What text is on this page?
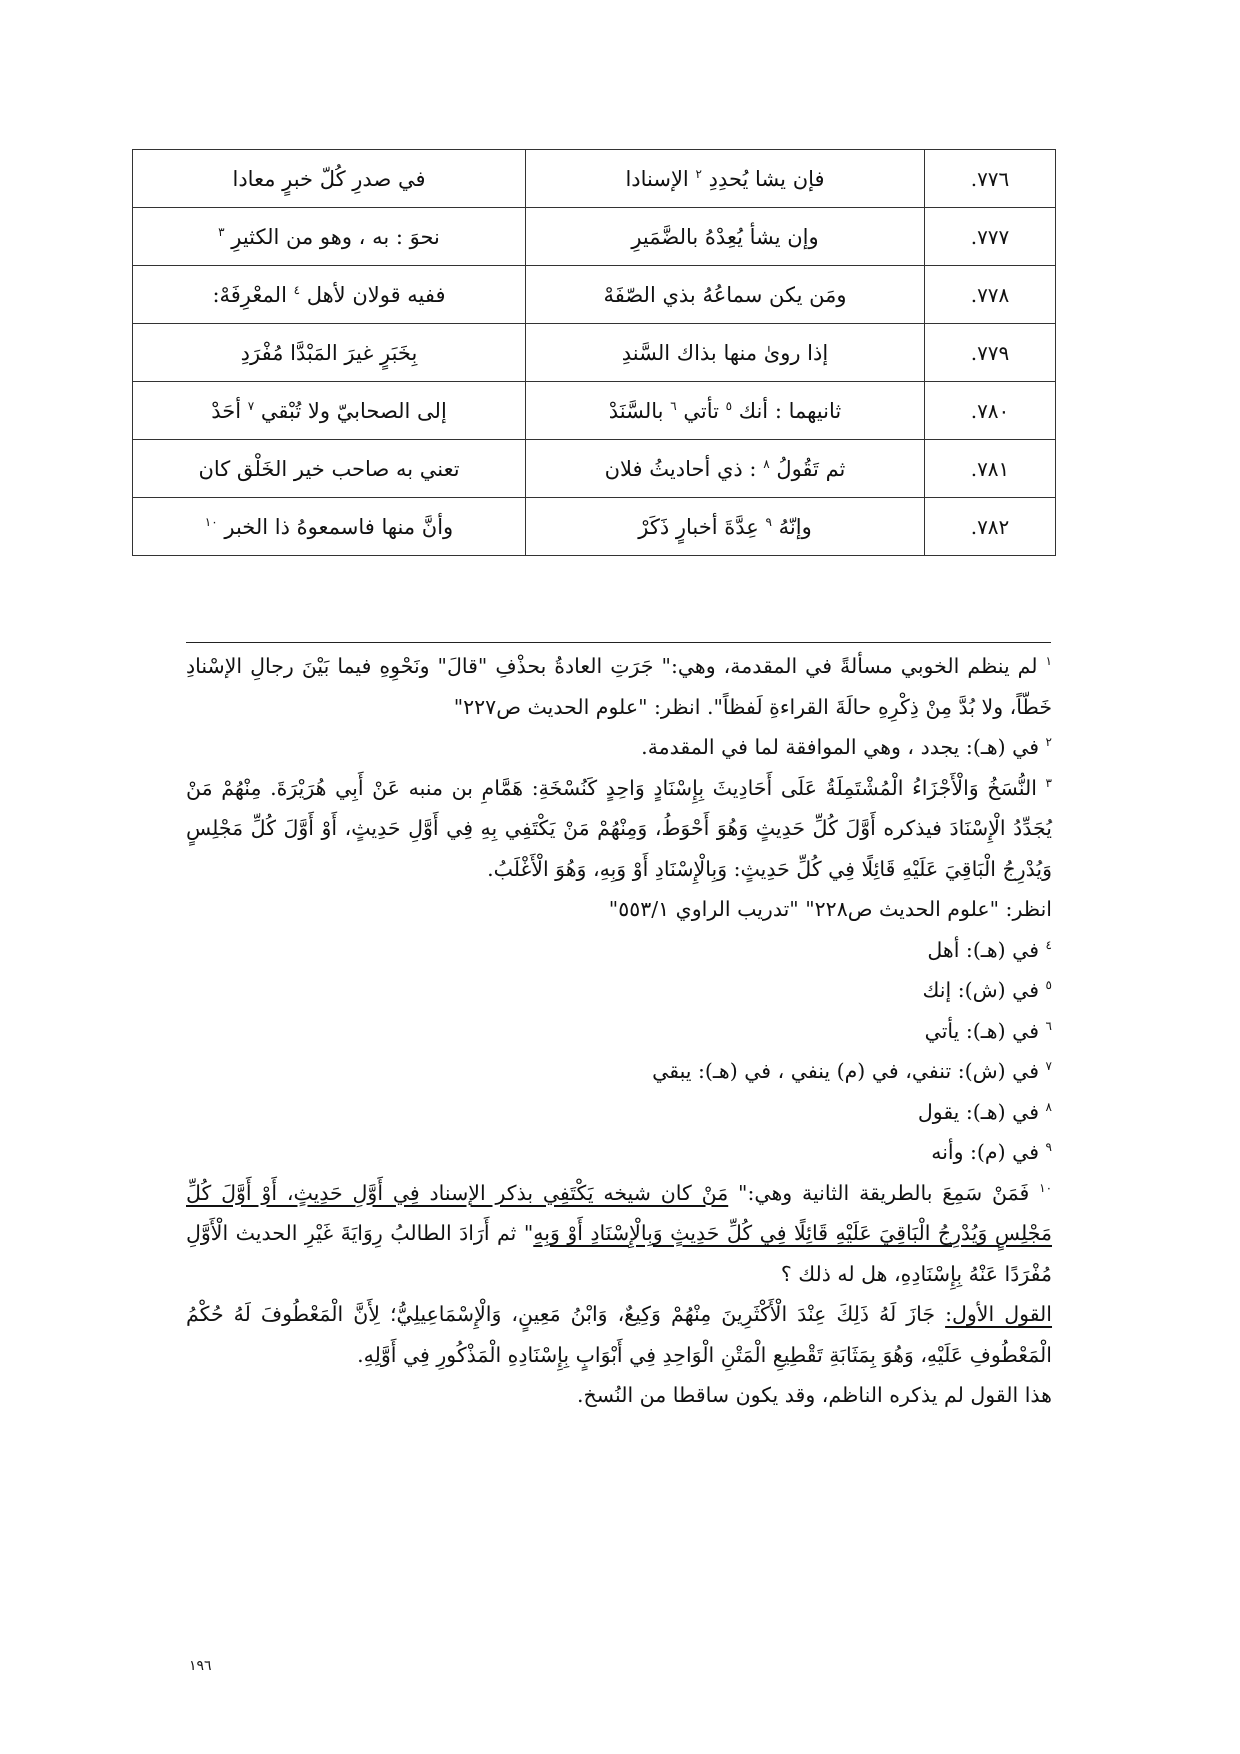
٧٧٦.	فإن يشا يُحدِدِ $^٢$ الإسنادا	في صدرِ كُلّ خبرٍ معادا
٧٧٧.	وإن يشأ يُعِدْهُ بالضَّمَيرِ	نحوَ : به ، وهو من الكثيرِ $^٣$
٧٧٨.	ومَن يكن سماعُهُ بذي الصّفَهْ	ففيه قولان لأهل $^٤$ المعْرِفَهْ:
٧٧٩.	إذا روىٰ منها بذاك السَّندِ	بِخَبَرٍ غيرَ المَبْدَّا مُفْرَدِ
٧٨٠.	ثانيهما : أنك $^٥$ تأتي $^٦$ بالسَّنَدْ	إلى الصحابيّ ولا تُبْقي $^٧$ أحَدْ
٧٨١.	ثم تَقُولُ $^٨$ : ذي أحاديثُ فلان	تعني به صاحب خير الخَلْق كان
٧٨٢.	وإنّهُ $^٩$ عِدَّةَ أخبارٍ ذَكَرْ	وأنَّ منها فاسمعوهُ ذا الخبر $^{١٠}$

$^١$ لم ينظم الخوبي مسألةً في المقدمة، وهي:" جَرَتِ العادةُ بحذْفِ "قالَ" ونَحْوِهِ فيما بَيْنَ رجالِ الإسْنادِ خَطّاً، ولا بُدَّ مِنْ ذِكْرِهِ حالَةَ القراءةِ لَفظاً". انظر: "علوم الحديث ص٢٢٧"

$^٢$ في (هـ): يجدد ، وهي الموافقة لما في المقدمة.

$^٣$ النُّسَخُ وَالْأَجْزَاءُ الْمُشْتَمِلَةُ عَلَى أَحَادِيثَ بِإِسْنَادٍ وَاحِدٍ كَنُسْخَةِ: هَمَّامِ بن منبه عَنْ أَبِي هُرَيْرَةَ. مِنْهُمْ مَنْ يُجَدِّدُ الْإِسْنَادَ فيذكره أَوَّلَ كُلِّ حَدِيثٍ وَهُوَ أَحْوَطُ، وَمِنْهُمْ مَنْ يَكْتَفِي بِهِ فِي أَوَّلِ حَدِيثٍ، أَوْ أَوَّلَ كُلِّ مَجْلِسٍ وَيُدْرِجُ الْبَاقِيَ عَلَيْهِ قَائِلًا فِي كُلِّ حَدِيثٍ: وَبِالْإِسْنَادِ أَوْ وَبِهِ، وَهُوَ الْأَغْلَبُ.

انظر: "علوم الحديث ص٢٢٨" "تدريب الراوي ٥٥٣/١"

$^٤$ في (هـ): أهل

$^٥$ في (ش): إنك

$^٦$ في (هـ): يأتي

$^٧$ في (ش): تنفي، في (م) ينفي ، في (هـ): يبقي

$^٨$ في (هـ): يقول

$^٩$ في (م): وأنه

$^{١٠}$ فَمَنْ سَمِعَ بالطريقة الثانية وهي:" مَنْ كان شيخه يَكْتَفِي بذكر الإسناد فِي أَوَّلِ حَدِيثٍ، أَوْ أَوَّلَ كُلِّ مَجْلِسٍ وَيُدْرِجُ الْبَاقِيَ عَلَيْهِ قَائِلًا فِي كُلِّ حَدِيثٍ وَبِالْإِسْنَادِ أَوْ وَبِهِ" ثم أَرَادَ الطالبُ رِوَايَةَ غَيْرِ الحديث الْأَوَّلِ مُفْرَدًا عَنْهُ بِإِسْنَادِهِ، هل له ذلك ؟

القول الأول: جَازَ لَهُ ذَلِكَ عِنْدَ الْأَكْثَرِينَ مِنْهُمْ وَكِيعٌ، وَابْنُ مَعِينٍ، وَالْإِسْمَاعِيلِيُّ؛ لِأَنَّ الْمَعْطُوفَ لَهُ حُكْمُ الْمَعْطُوفِ عَلَيْهِ، وَهُوَ بِمَثَابَةِ تَقْطِيعِ الْمَتْنِ الْوَاحِدِ فِي أَبْوَابٍ بِإِسْنَادِهِ الْمَذْكُورِ فِي أَوَّلِهِ.

هذا القول لم يذكره الناظم، وقد يكون ساقطا من النُسخ.

١٩٦
